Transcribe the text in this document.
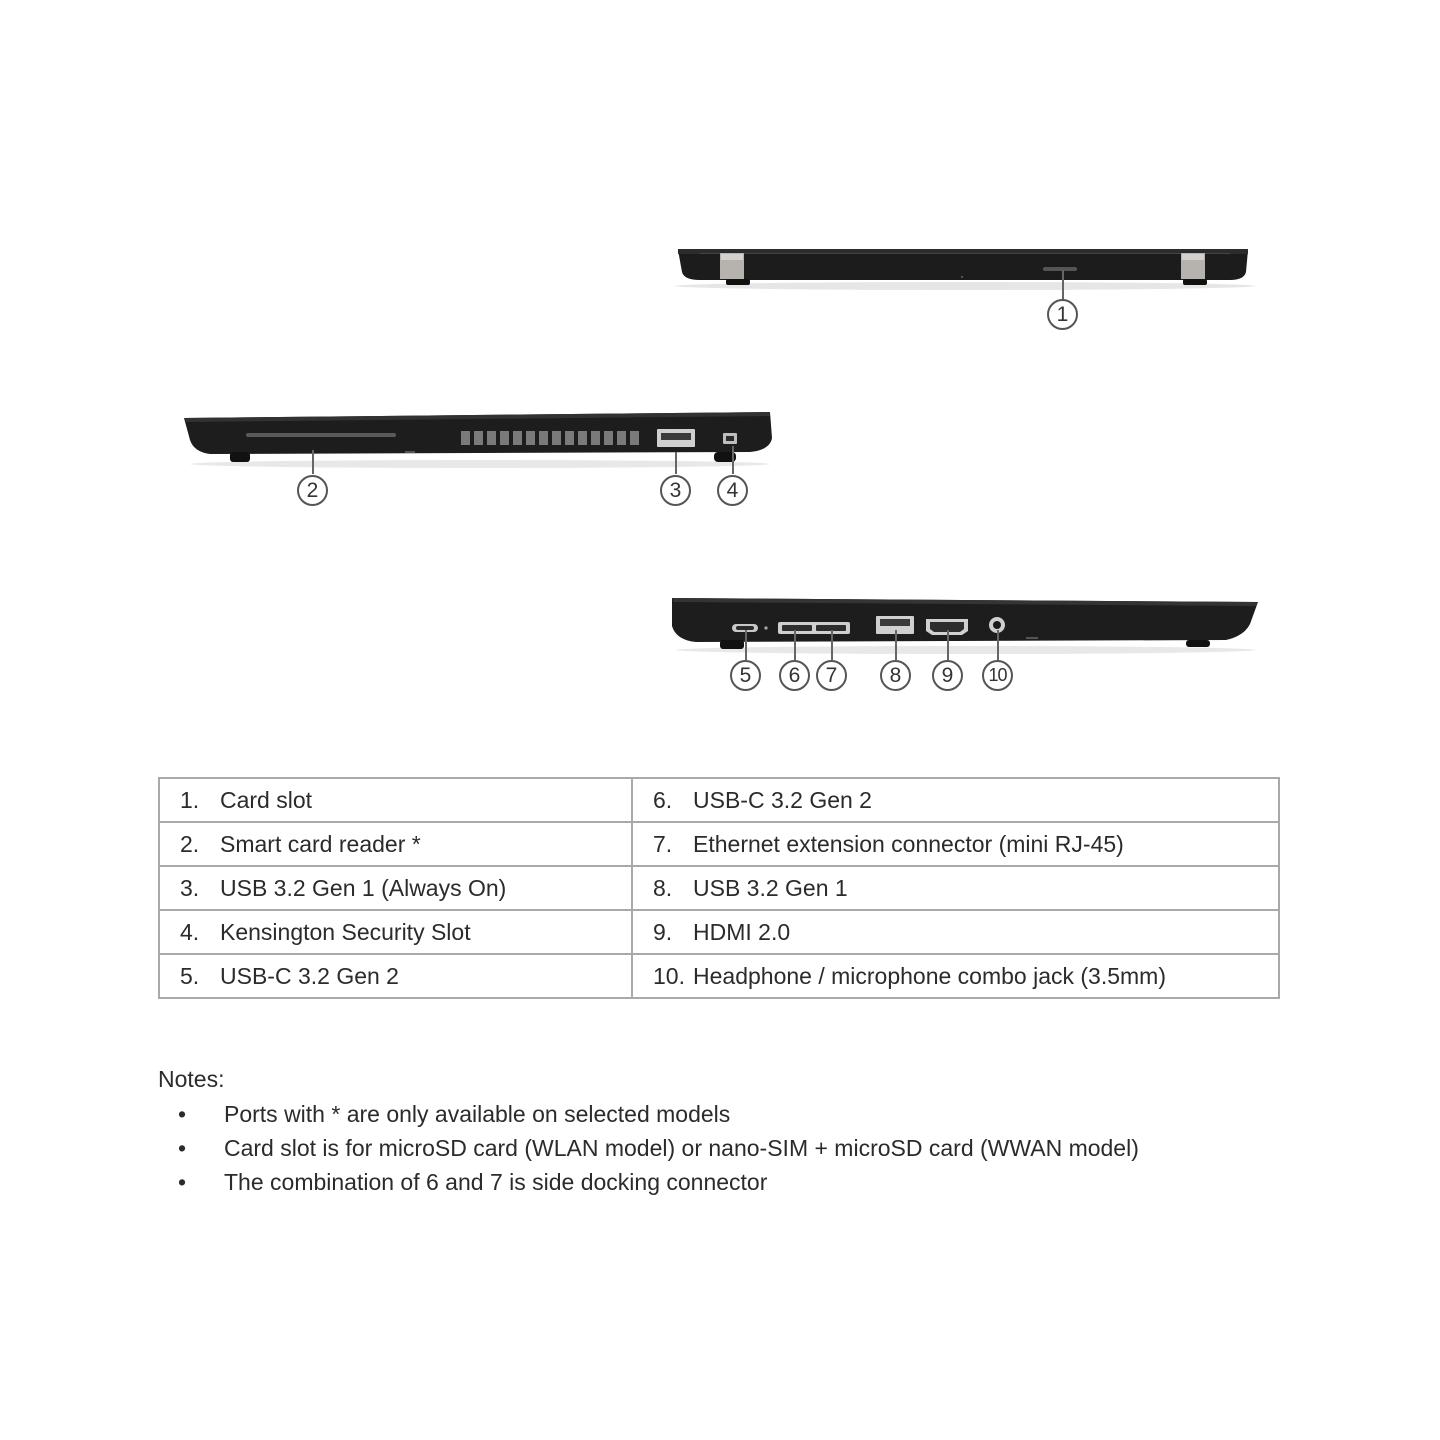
1
2	3	4
5	6	7	8	9	10
1. Card slot	6. USB-C 3.2 Gen 2

2. Smart card reader *	7. Ethernet extension connector (mini RJ-45)

3. USB 3.2 Gen 1 (Always On)	8. USB 3.2 Gen 1

4. Kensington Security Slot	9. HDMI 2.0

5. USB-C 3.2 Gen 2	10. Headphone / microphone combo jack (3.5mm)
Notes:
•	Ports with * are only available on selected models
•	Card slot is for microSD card (WLAN model) or nano-SIM + microSD card (WWAN model)
•	The combination of 6 and 7 is side docking connector
